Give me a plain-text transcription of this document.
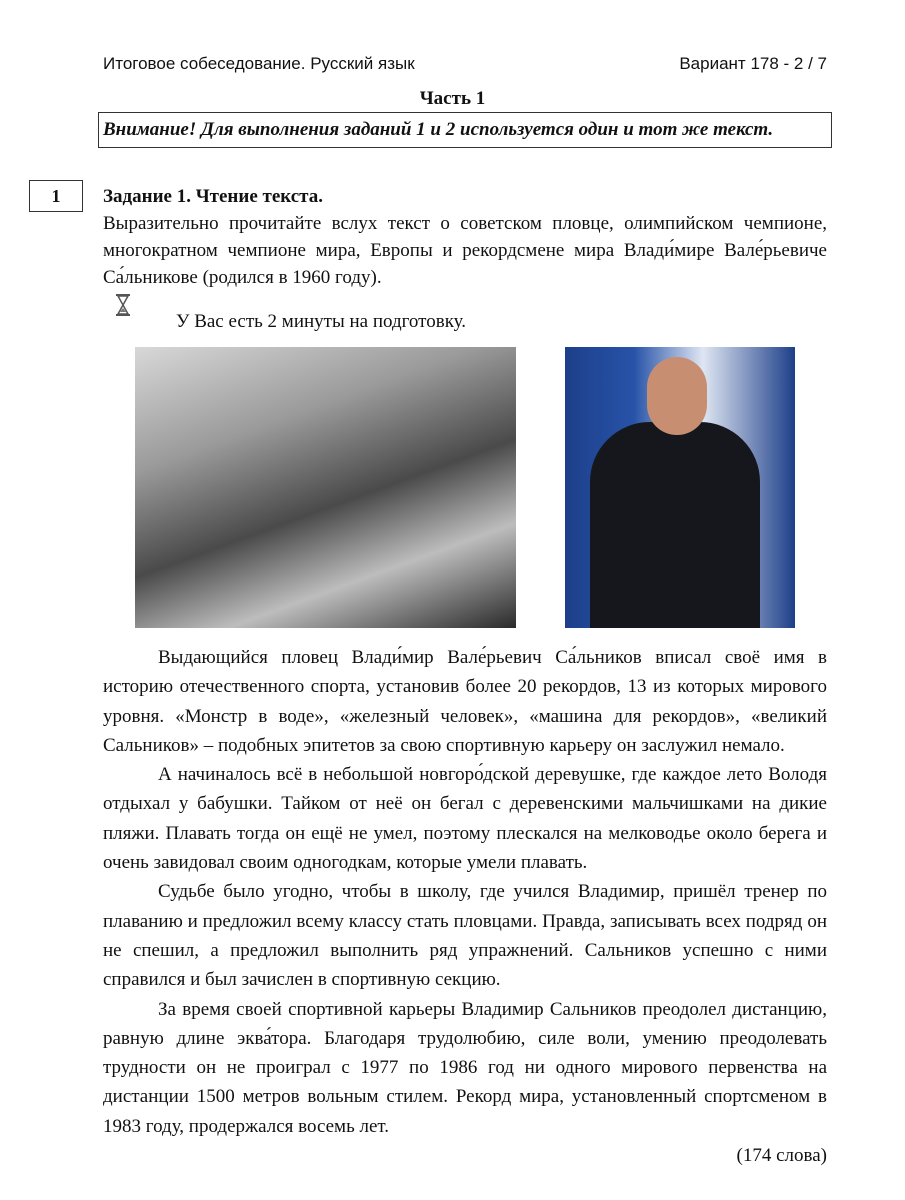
Итоговое собеседование. Русский язык	Вариант 178 - 2 / 7
Часть 1
Внимание! Для выполнения заданий 1 и 2 используется один и тот же текст.
1	Задание 1. Чтение текста.

Выразительно прочитайте вслух текст о советском пловце, олимпийском чемпионе, многократном чемпионе мира, Европы и рекордсмене мира Влади́мире Вале́рьевиче Са́льникове (родился в 1960 году).

У Вас есть 2 минуты на подготовку.

Выдающийся пловец Влади́мир Вале́рьевич Са́льников вписал своё имя в историю отечественного спорта, установив более 20 рекордов, 13 из которых мирового уровня. «Монстр в воде», «железный человек», «машина для рекордов», «великий Сальников» – подобных эпитетов за свою спортивную карьеру он заслужил немало.

А начиналось всё в небольшой новгоро́дской деревушке, где каждое лето Володя отдыхал у бабушки. Тайком от неё он бегал с деревенскими мальчишками на дикие пляжи. Плавать тогда он ещё не умел, поэтому плескался на мелководье около берега и очень завидовал своим одногодкам, которые умели плавать.

Судьбе было угодно, чтобы в школу, где учился Владимир, пришёл тренер по плаванию и предложил всему классу стать пловцами. Правда, записывать всех подряд он не спешил, а предложил выполнить ряд упражнений. Сальников успешно с ними справился и был зачислен в спортивную секцию.

За время своей спортивной карьеры Владимир Сальников преодолел дистанцию, равную длине эква́тора. Благодаря трудолюбию, силе воли, умению преодолевать трудности он не проиграл с 1977 по 1986 год ни одного мирового первенства на дистанции 1500 метров вольным стилем. Рекорд мира, установленный спортсменом в 1983 году, продержался восемь лет.

(174 слова)
